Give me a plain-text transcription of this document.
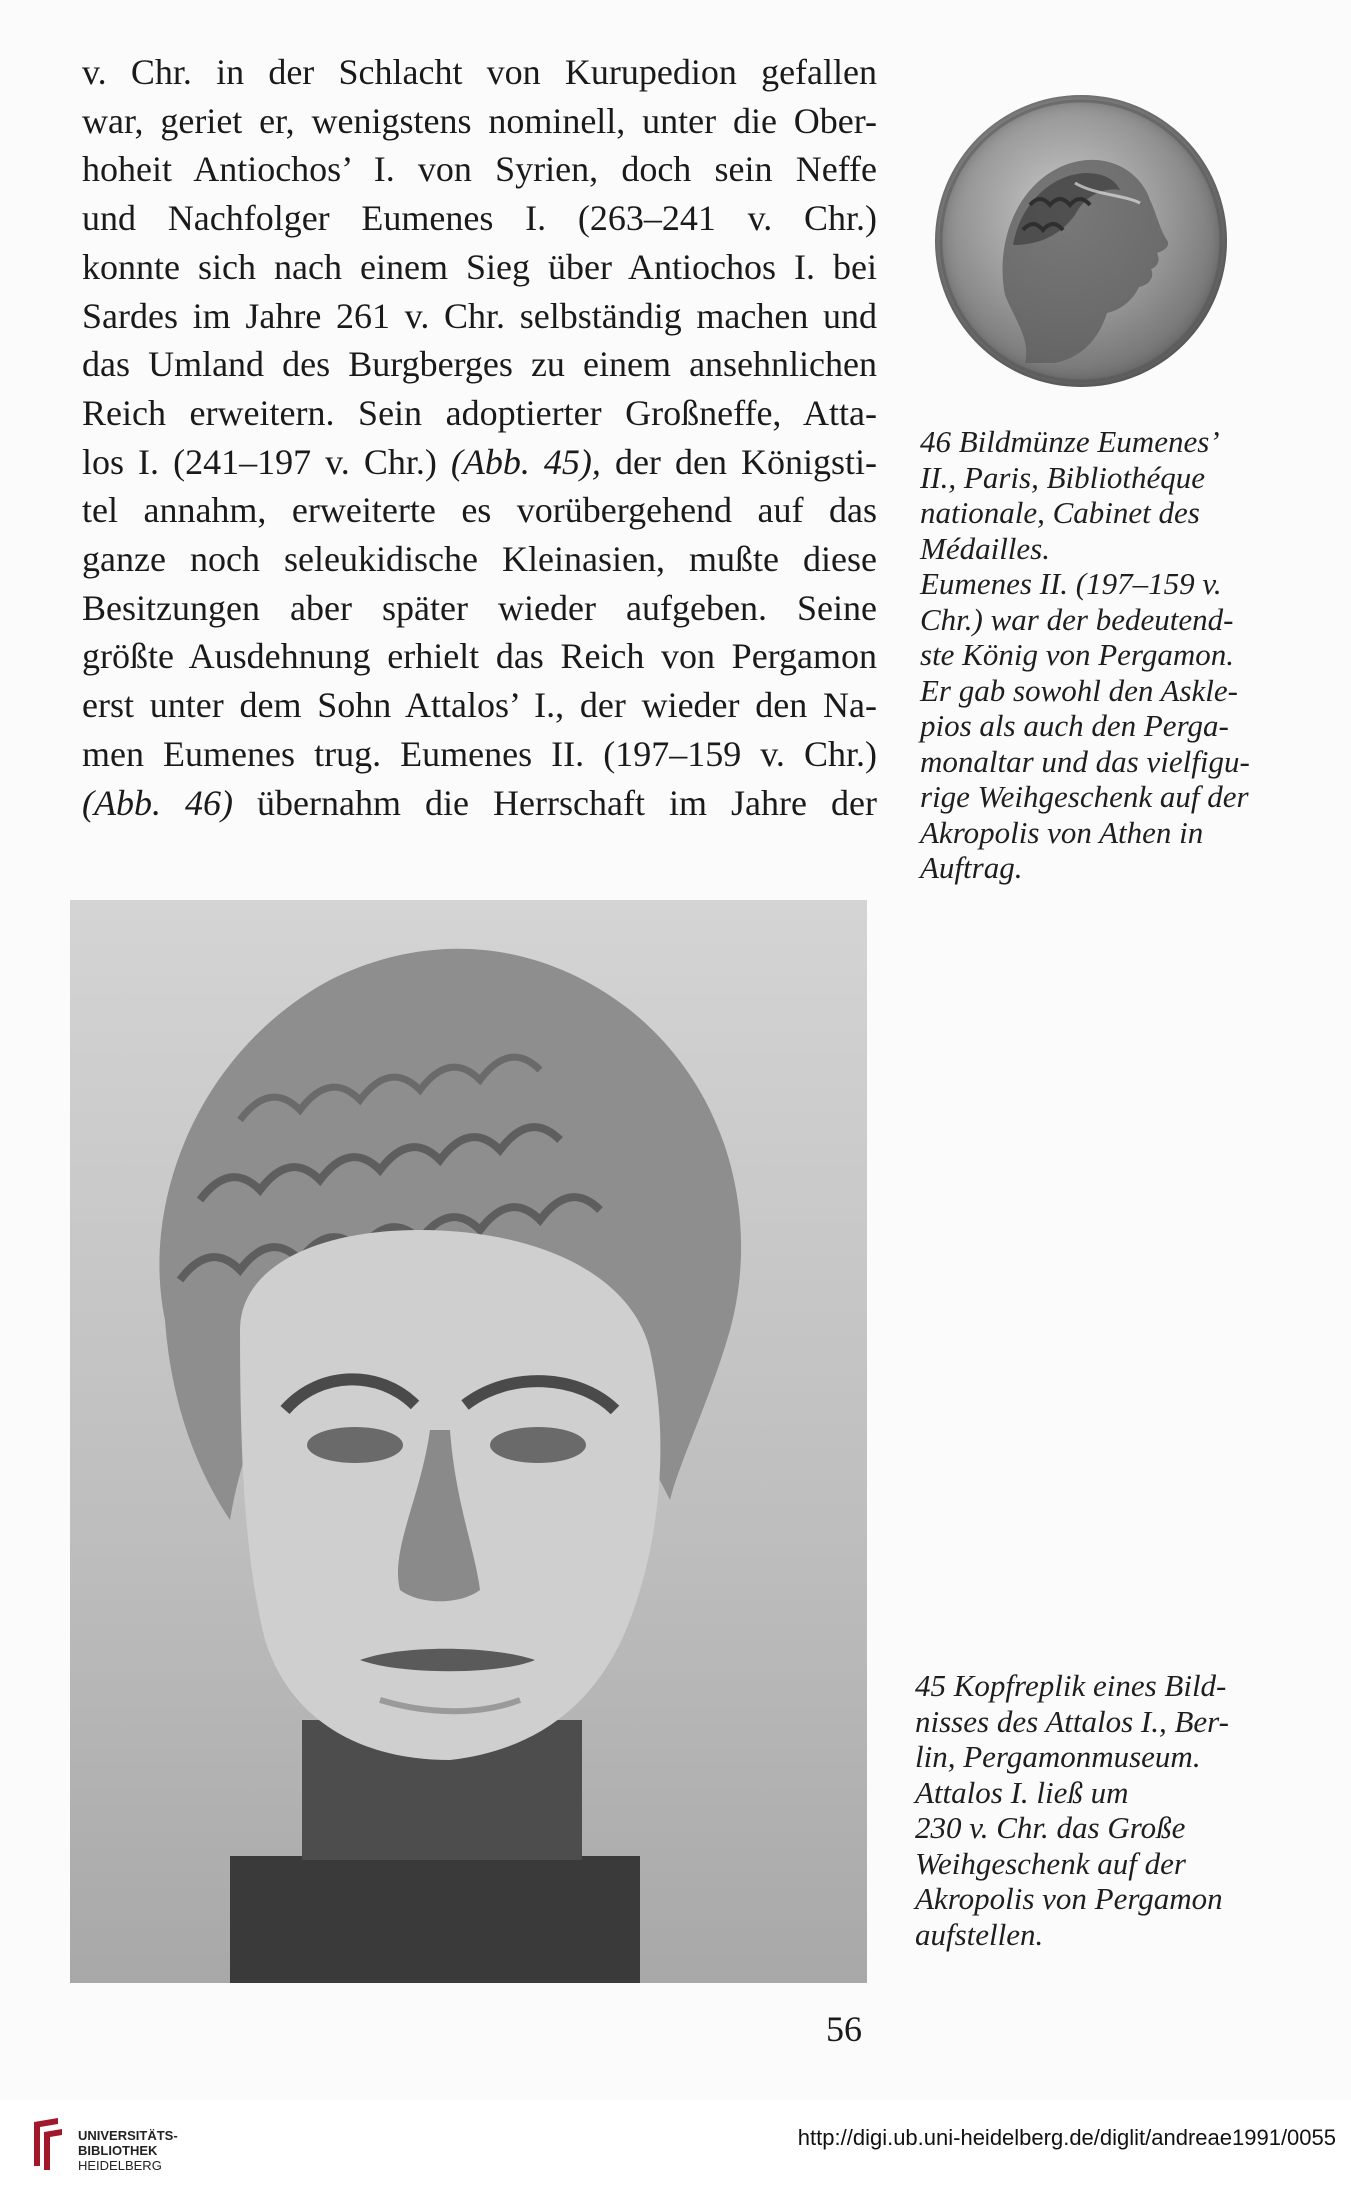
v. Chr. in der Schlacht von Kurupedion gefallen
war, geriet er, wenigstens nominell, unter die Ober-
hoheit Antiochos’ I. von Syrien, doch sein Neffe
und Nachfolger Eumenes I. (263–241 v. Chr.)
konnte sich nach einem Sieg über Antiochos I. bei
Sardes im Jahre 261 v. Chr. selbständig machen und
das Umland des Burgberges zu einem ansehnlichen
Reich erweitern. Sein adoptierter Großneffe, Atta-
los I. (241–197 v. Chr.) (Abb. 45), der den Königsti-
tel annahm, erweiterte es vorübergehend auf das
ganze noch seleukidische Kleinasien, mußte diese
Besitzungen aber später wieder aufgeben. Seine
größte Ausdehnung erhielt das Reich von Pergamon
erst unter dem Sohn Attalos’ I., der wieder den Na-
men Eumenes trug. Eumenes II. (197–159 v. Chr.)
(Abb. 46) übernahm die Herrschaft im Jahre der
46 Bildmünze Eumenes’
II., Paris, Bibliothéque
nationale, Cabinet des
Médailles.
Eumenes II. (197–159 v.
Chr.) war der bedeutend-
ste König von Pergamon.
Er gab sowohl den Askle-
pios als auch den Perga-
monaltar und das vielfigu-
rige Weihgeschenk auf der
Akropolis von Athen in
Auftrag.
45 Kopfreplik eines Bild-
nisses des Attalos I., Ber-
lin, Pergamonmuseum.
Attalos I. ließ um
230 v. Chr. das Große
Weihgeschenk auf der
Akropolis von Pergamon
aufstellen.
56
UNIVERSITÄTS-
BIBLIOTHEK
HEIDELBERG
http://digi.ub.uni-heidelberg.de/diglit/andreae1991/0055
